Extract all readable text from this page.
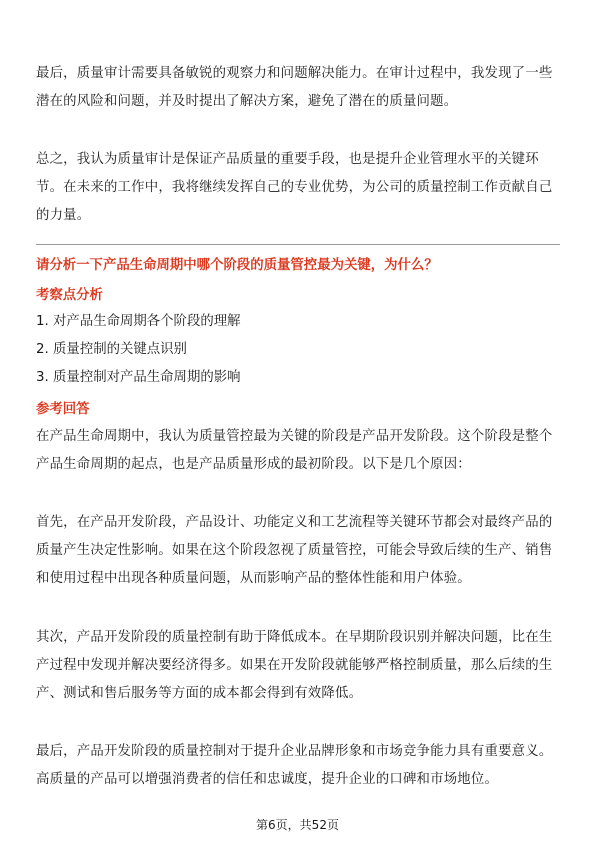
最后，质量审计需要具备敏锐的观察力和问题解决能力。在审计过程中，我发现了一些潜在的风险和问题，并及时提出了解决方案，避免了潜在的质量问题。

总之，我认为质量审计是保证产品质量的重要手段，也是提升企业管理水平的关键环节。在未来的工作中，我将继续发挥自己的专业优势，为公司的质量控制工作贡献自己的力量。

请分析一下产品生命周期中哪个阶段的质量管控最为关键，为什么？

考察点分析

1. 对产品生命周期各个阶段的理解

2. 质量控制的关键点识别

3. 质量控制对产品生命周期的影响

参考回答

在产品生命周期中，我认为质量管控最为关键的阶段是产品开发阶段。这个阶段是整个产品生命周期的起点，也是产品质量形成的最初阶段。以下是几个原因：

首先，在产品开发阶段，产品设计、功能定义和工艺流程等关键环节都会对最终产品的质量产生决定性影响。如果在这个阶段忽视了质量管控，可能会导致后续的生产、销售和使用过程中出现各种质量问题，从而影响产品的整体性能和用户体验。

其次，产品开发阶段的质量控制有助于降低成本。在早期阶段识别并解决问题，比在生产过程中发现并解决要经济得多。如果在开发阶段就能够严格控制质量，那么后续的生产、测试和售后服务等方面的成本都会得到有效降低。

最后，产品开发阶段的质量控制对于提升企业品牌形象和市场竞争能力具有重要意义。高质量的产品可以增强消费者的信任和忠诚度，提升企业的口碑和市场地位。

第6页，共52页
